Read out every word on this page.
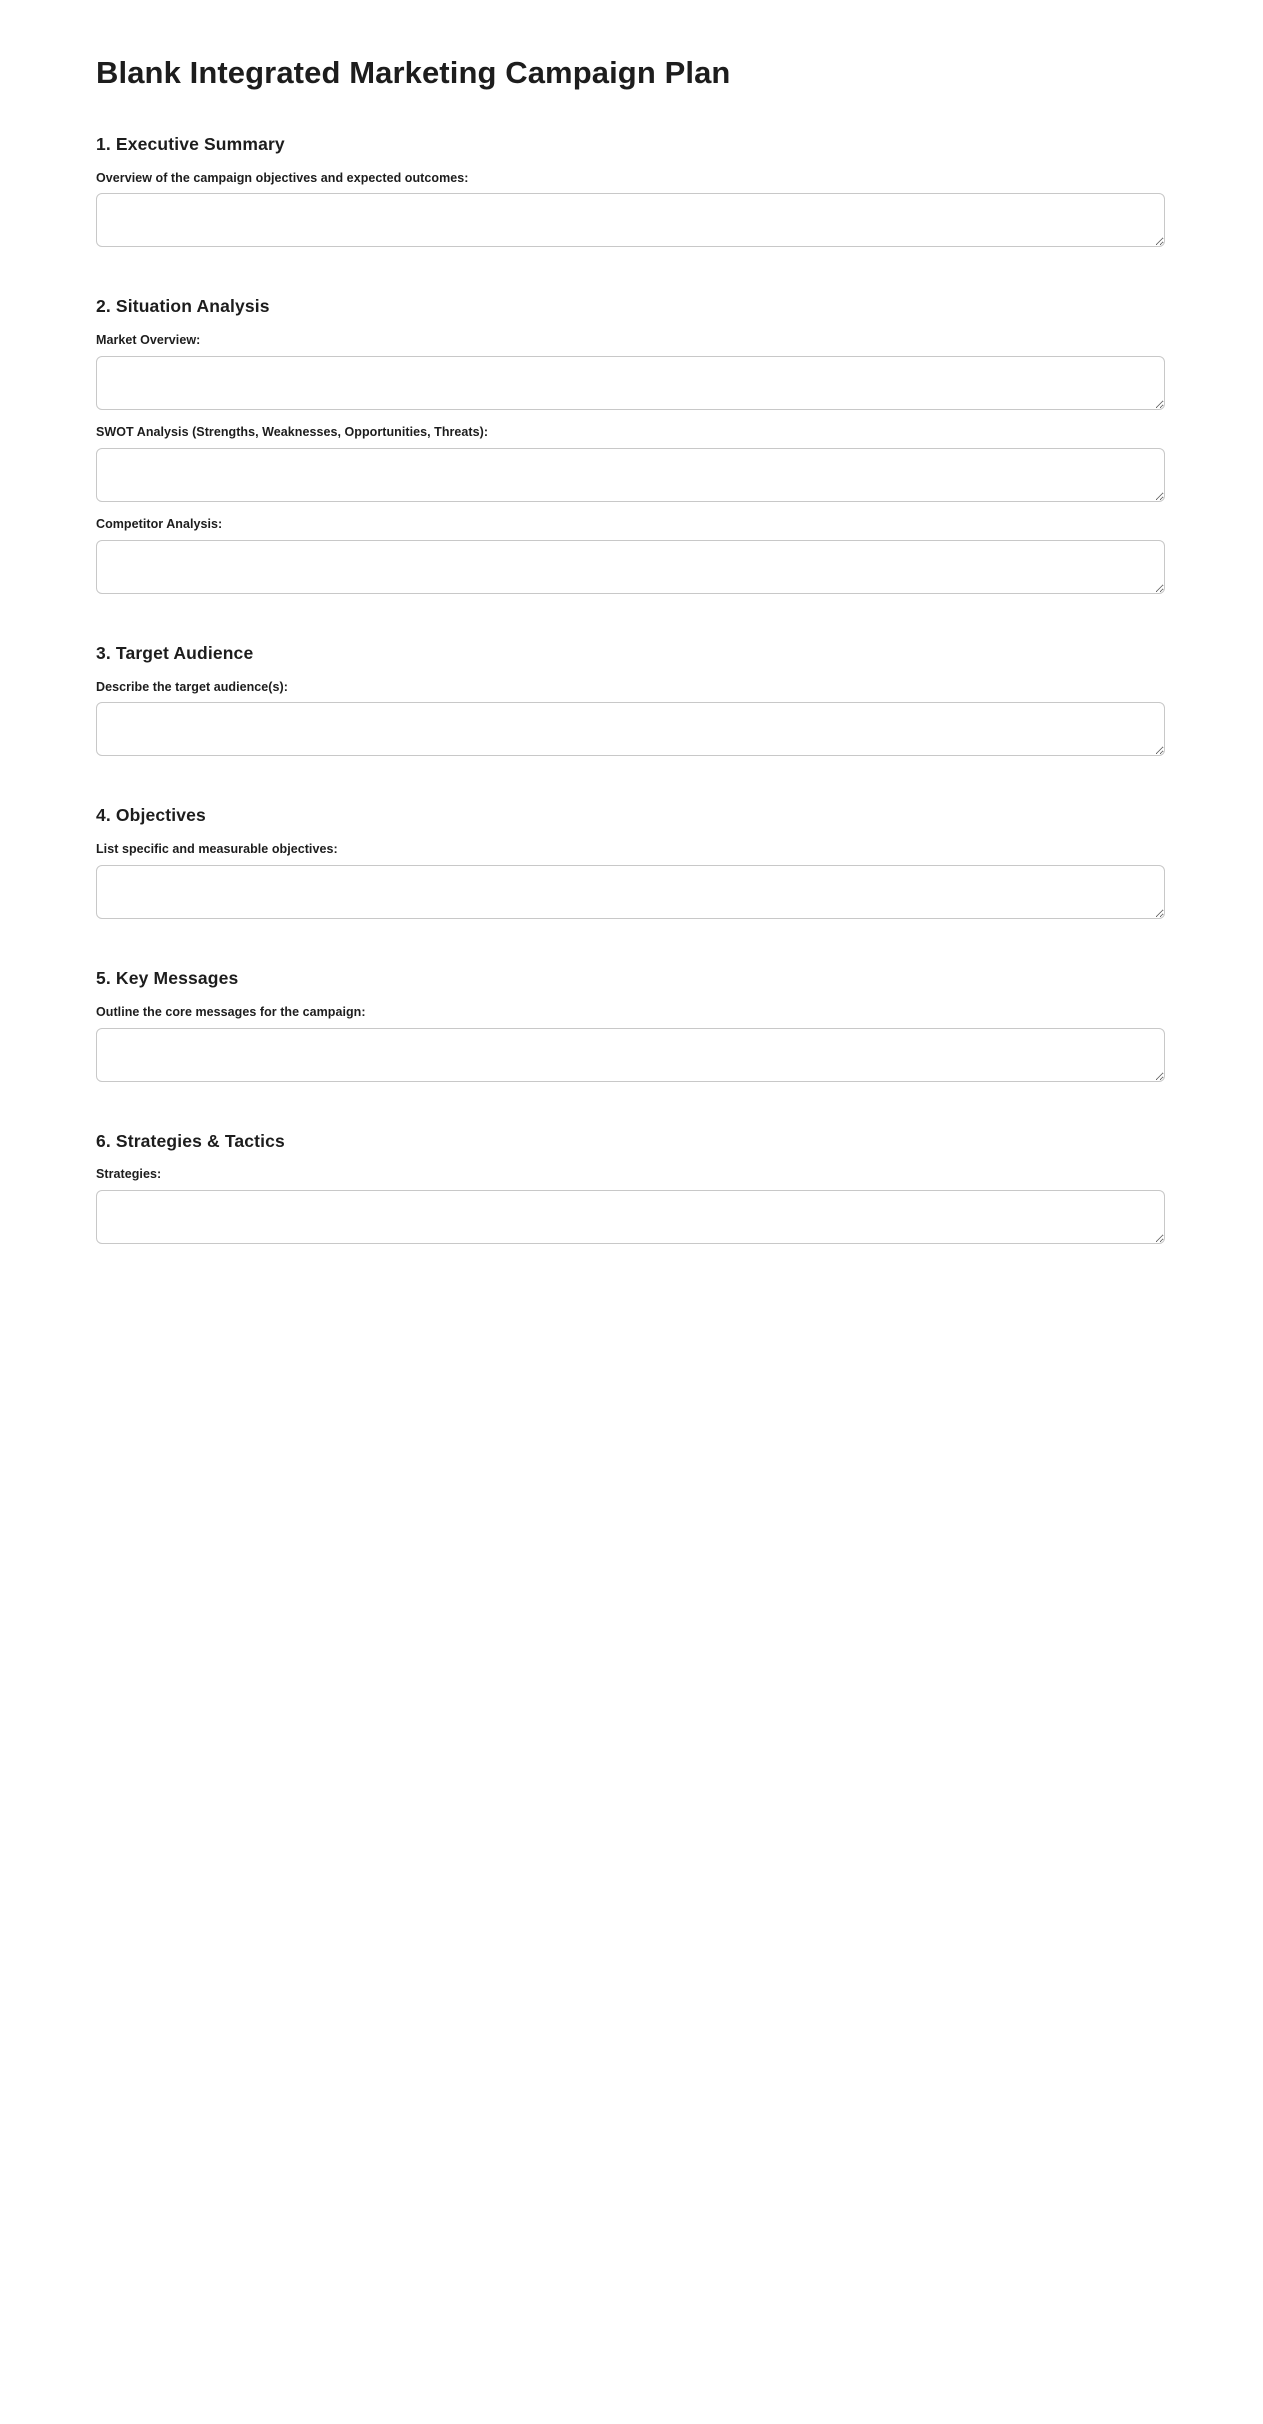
Blank Integrated Marketing Campaign Plan
1. Executive Summary
Overview of the campaign objectives and expected outcomes:
2. Situation Analysis
Market Overview:
SWOT Analysis (Strengths, Weaknesses, Opportunities, Threats):
Competitor Analysis:
3. Target Audience
Describe the target audience(s):
4. Objectives
List specific and measurable objectives:
5. Key Messages
Outline the core messages for the campaign:
6. Strategies & Tactics
Strategies:
